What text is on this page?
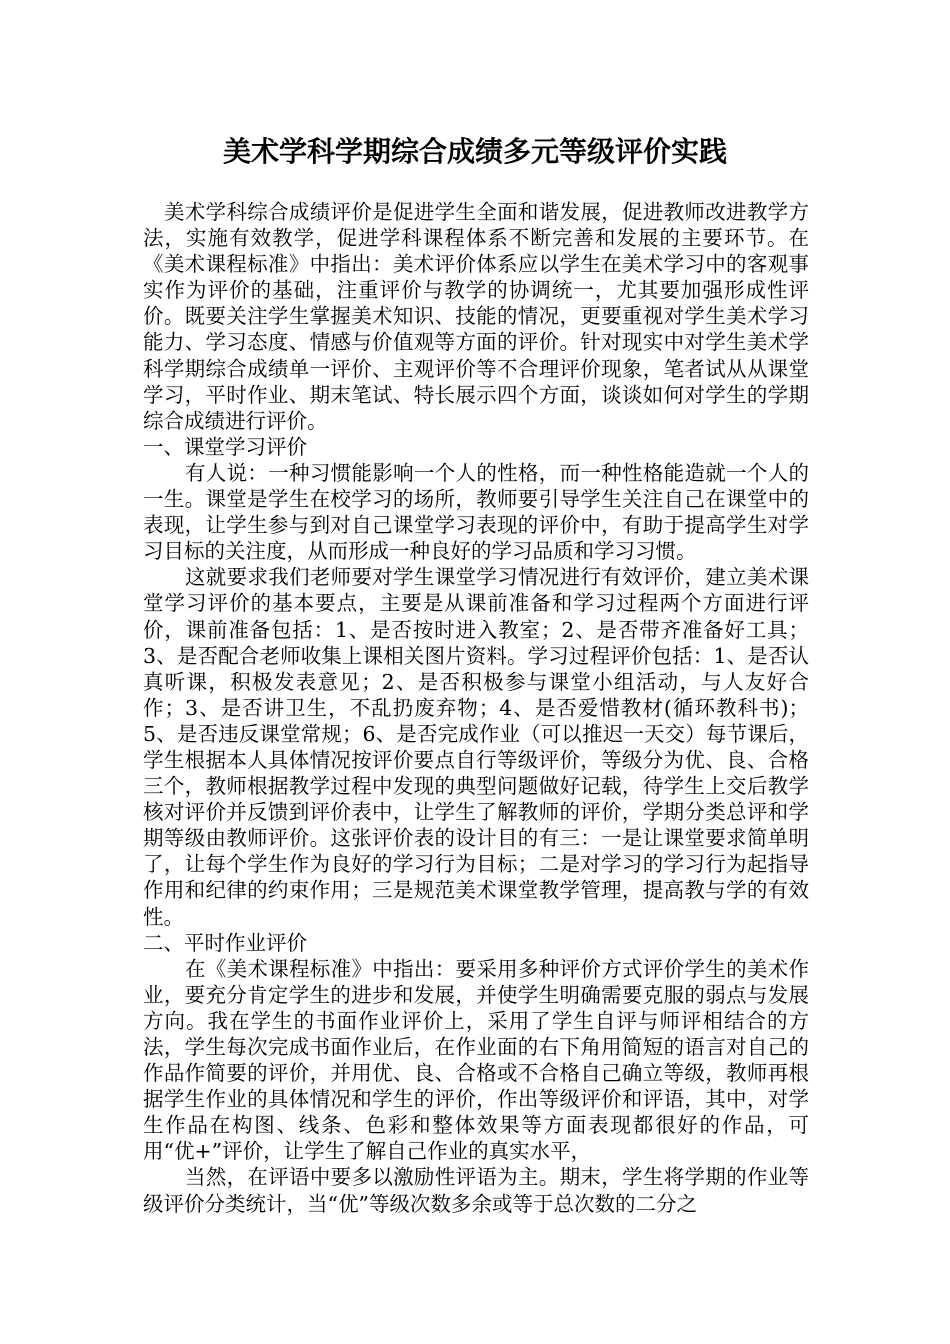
美术学科学期综合成绩多元等级评价实践

美术学科综合成绩评价是促进学生全面和谐发展，促进教师改进教学方法，实施有效教学，促进学科课程体系不断完善和发展的主要环节。在《美术课程标准》中指出：美术评价体系应以学生在美术学习中的客观事实作为评价的基础，注重评价与教学的协调统一，尤其要加强形成性评价。既要关注学生掌握美术知识、技能的情况，更要重视对学生美术学习能力、学习态度、情感与价值观等方面的评价。针对现实中对学生美术学科学期综合成绩单一评价、主观评价等不合理评价现象，笔者试从从课堂学习，平时作业、期末笔试、特长展示四个方面，谈谈如何对学生的学期综合成绩进行评价。

一、课堂学习评价

有人说：一种习惯能影响一个人的性格，而一种性格能造就一个人的一生。课堂是学生在校学习的场所，教师要引导学生关注自己在课堂中的表现，让学生参与到对自己课堂学习表现的评价中，有助于提高学生对学习目标的关注度，从而形成一种良好的学习品质和学习习惯。

这就要求我们老师要对学生课堂学习情况进行有效评价，建立美术课堂学习评价的基本要点，主要是从课前准备和学习过程两个方面进行评价，课前准备包括：1、是否按时进入教室；2、是否带齐准备好工具；3、是否配合老师收集上课相关图片资料。学习过程评价包括：1、是否认真听课，积极发表意见；2、是否积极参与课堂小组活动，与人友好合作；3、是否讲卫生，不乱扔废弃物；4、是否爱惜教材(循环教科书)；5、是否违反课堂常规；6、是否完成作业（可以推迟一天交）每节课后，学生根据本人具体情况按评价要点自行等级评价，等级分为优、良、合格三个，教师根据教学过程中发现的典型问题做好记载，待学生上交后教学核对评价并反馈到评价表中，让学生了解教师的评价，学期分类总评和学期等级由教师评价。这张评价表的设计目的有三：一是让课堂要求简单明了，让每个学生作为良好的学习行为目标；二是对学习的学习行为起指导作用和纪律的约束作用；三是规范美术课堂教学管理，提高教与学的有效性。

二、平时作业评价

在《美术课程标准》中指出：要采用多种评价方式评价学生的美术作业，要充分肯定学生的进步和发展，并使学生明确需要克服的弱点与发展方向。我在学生的书面作业评价上，采用了学生自评与师评相结合的方法，学生每次完成书面作业后，在作业面的右下角用简短的语言对自己的作品作简要的评价，并用优、良、合格或不合格自己确立等级，教师再根据学生作业的具体情况和学生的评价，作出等级评价和评语，其中，对学生作品在构图、线条、色彩和整体效果等方面表现都很好的作品，可用“优+”评价，让学生了解自己作业的真实水平，

当然，在评语中要多以激励性评语为主。期末，学生将学期的作业等级评价分类统计，当“优”等级次数多余或等于总次数的二分之
